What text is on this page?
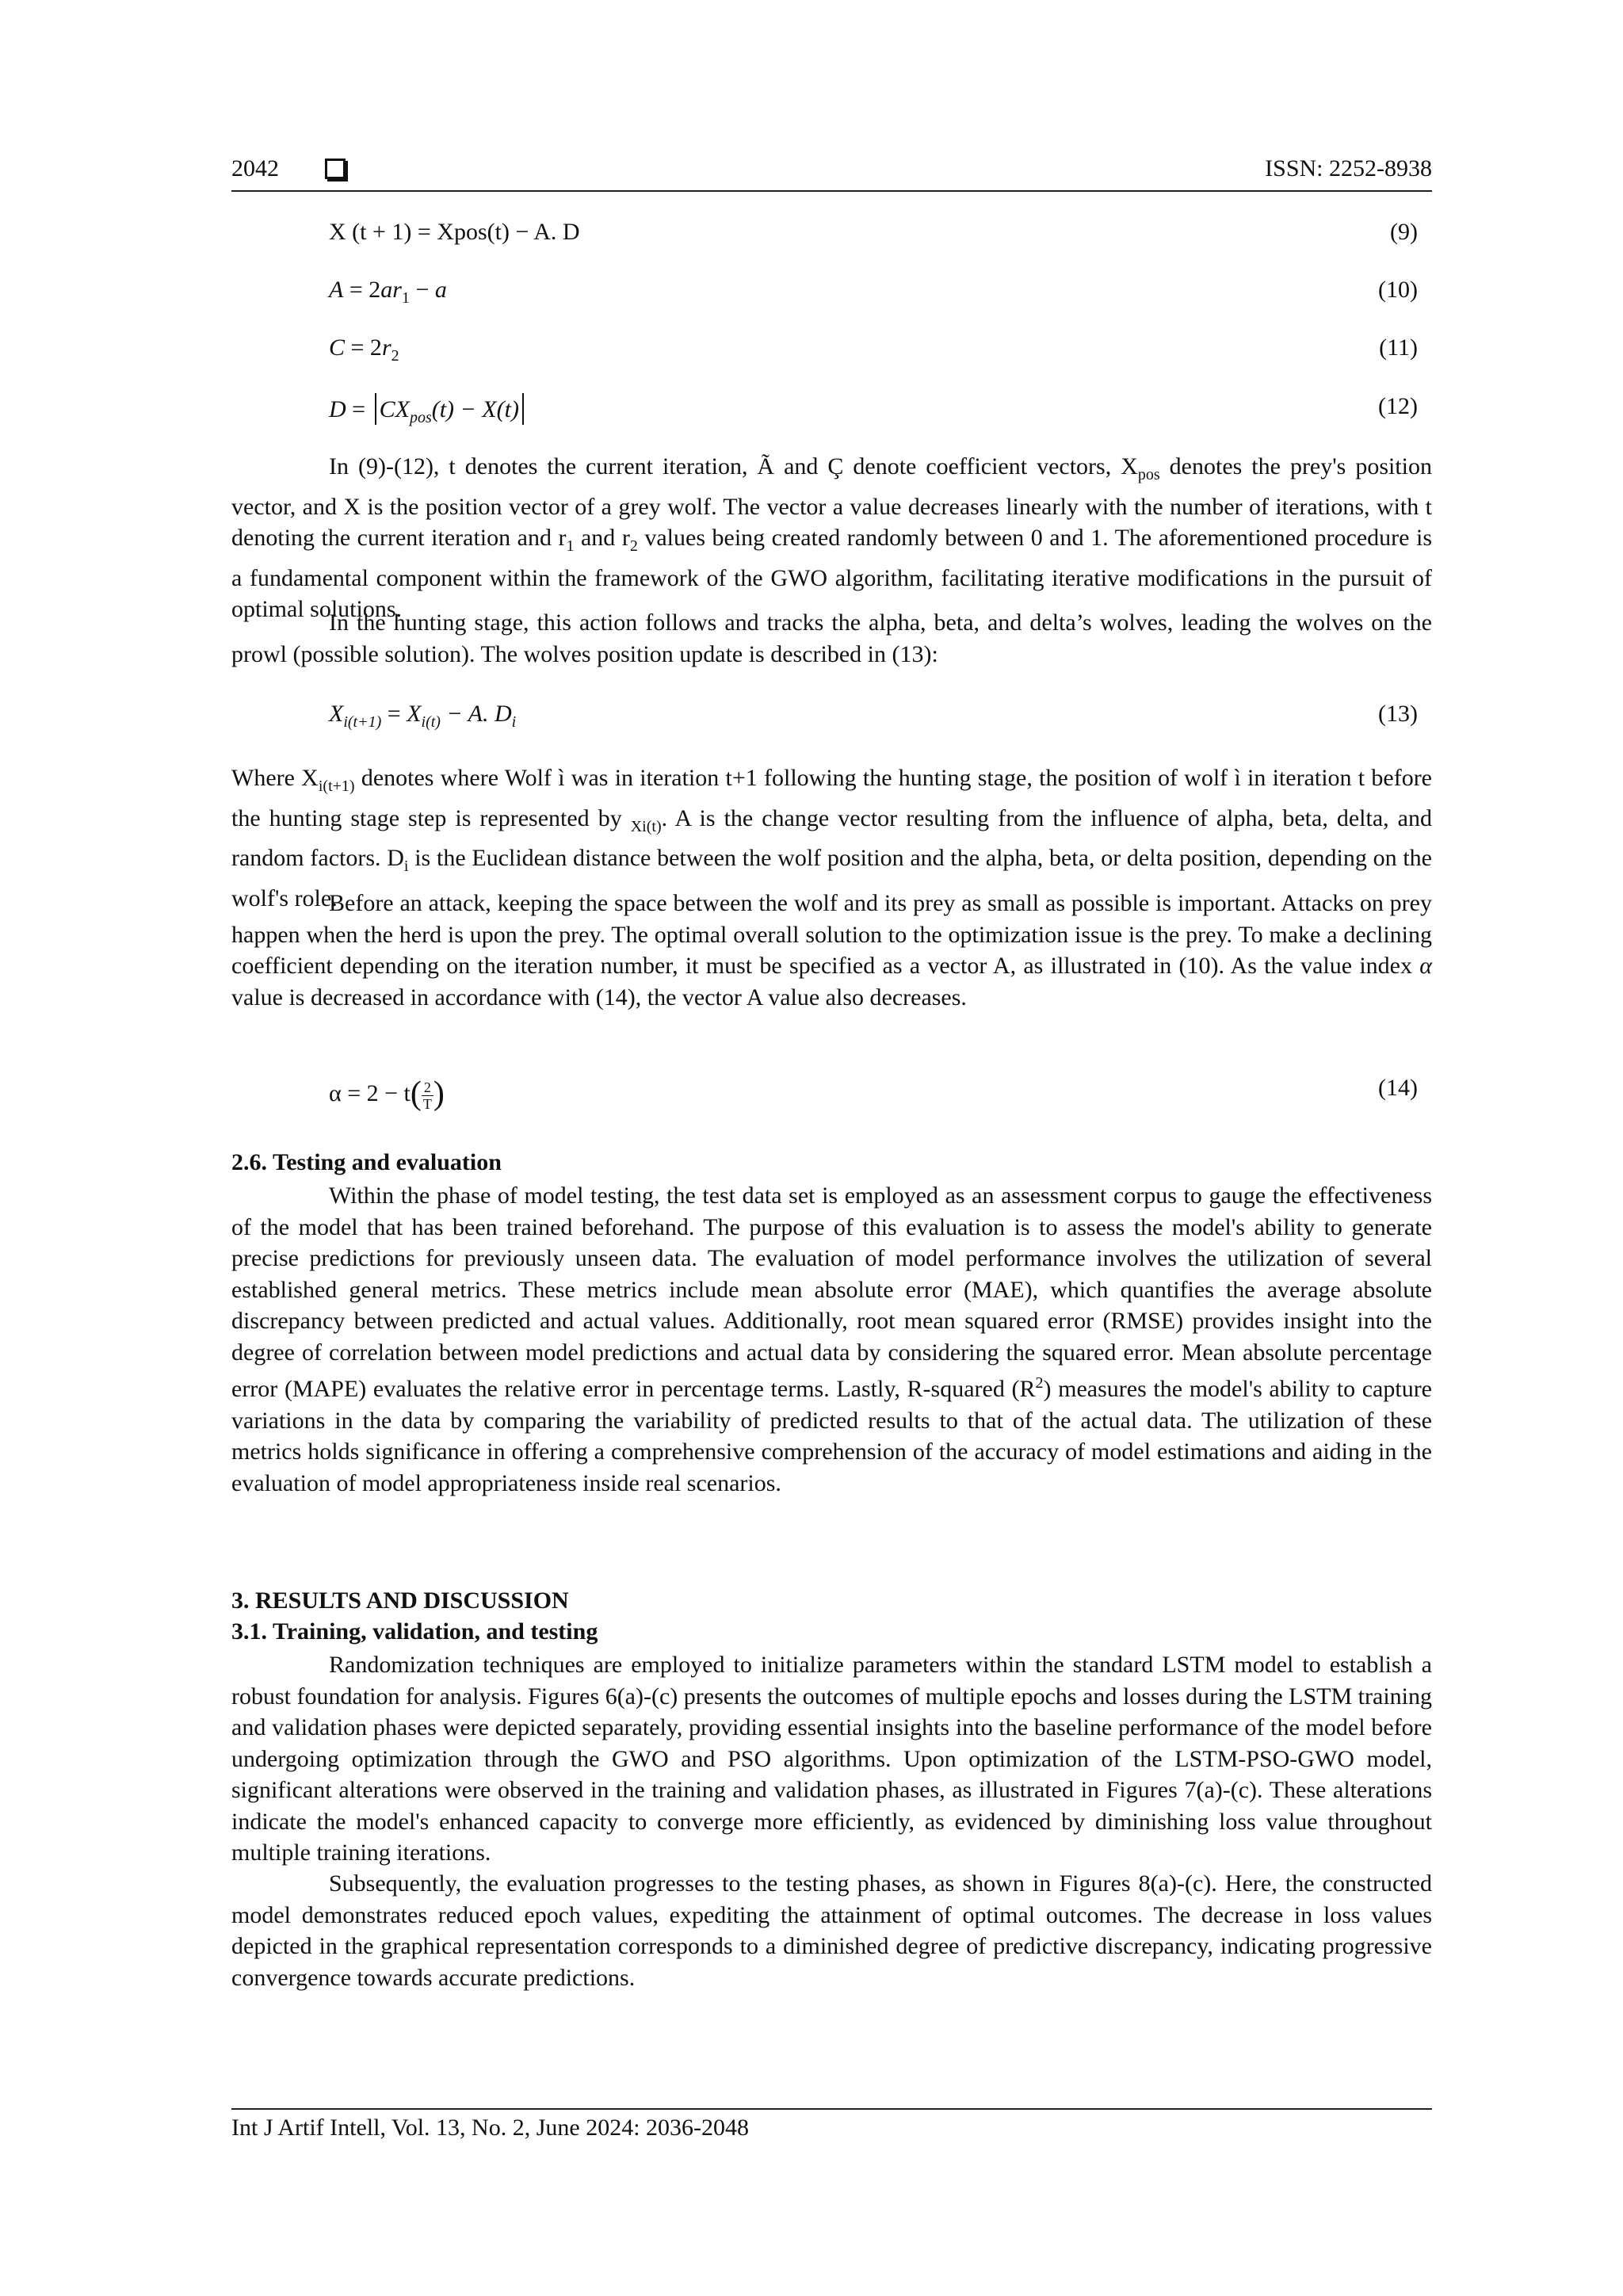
2042	ISSN: 2252-8938
X (t + 1) = Xpos(t) − A. D	(9)
$A = 2ar_1 - a$	(10)
$C = 2r_2$	(11)
$D = CX_{pos}(t) - X(t)$	(12)

In (9)-(12), t denotes the current iteration, Ã and Ç denote coefficient vectors, $X_{pos}$ denotes the prey's position vector, and X is the position vector of a grey wolf. The vector a value decreases linearly with the number of iterations, with t denoting the current iteration and $r_1$ and $r_2$ values being created randomly between 0 and 1. The aforementioned procedure is a fundamental component within the framework of the GWO algorithm, facilitating iterative modifications in the pursuit of optimal solutions.

In the hunting stage, this action follows and tracks the alpha, beta, and delta’s wolves, leading the wolves on the prowl (possible solution). The wolves position update is described in (13):

$X_{i(t+1)} = X_{i(t)} - A$. $D_i$	(13)

Where $X_{i(t+1)}$ denotes where Wolf ì was in iteration t+1 following the hunting stage, the position of wolf ì in iteration t before the hunting stage step is represented by $_{Xi(t)}$. A is the change vector resulting from the influence of alpha, beta, delta, and random factors. $D_i$ is the Euclidean distance between the wolf position and the alpha, beta, or delta position, depending on the wolf's role.

Before an attack, keeping the space between the wolf and its prey as small as possible is important. Attacks on prey happen when the herd is upon the prey. The optimal overall solution to the optimization issue is the prey. To make a declining coefficient depending on the iteration number, it must be specified as a vector A, as illustrated in (10). As the value index α value is decreased in accordance with (14), the vector A value also decreases.

$\alpha = 2 - t( \frac{2}{T}$ )	(14)
2.6. Testing and evaluation

Within the phase of model testing, the test data set is employed as an assessment corpus to gauge the effectiveness of the model that has been trained beforehand. The purpose of this evaluation is to assess the model's ability to generate precise predictions for previously unseen data. The evaluation of model performance involves the utilization of several established general metrics. These metrics include mean absolute error (MAE), which quantifies the average absolute discrepancy between predicted and actual values. Additionally, root mean squared error (RMSE) provides insight into the degree of correlation between model predictions and actual data by considering the squared error. Mean absolute percentage error (MAPE) evaluates the relative error in percentage terms. Lastly, R-squared $(R^2)$ measures the model's ability to capture variations in the data by comparing the variability of predicted results to that of the actual data. The utilization of these metrics holds significance in offering a comprehensive comprehension of the accuracy of model estimations and aiding in the evaluation of model appropriateness inside real scenarios.

3. RESULTS AND DISCUSSION
3.1. Training, validation, and testing

Randomization techniques are employed to initialize parameters within the standard LSTM model to establish a robust foundation for analysis. Figures 6(a)-(c) presents the outcomes of multiple epochs and losses during the LSTM training and validation phases were depicted separately, providing essential insights into the baseline performance of the model before undergoing optimization through the GWO and PSO algorithms. Upon optimization of the LSTM-PSO-GWO model, significant alterations were observed in the training and validation phases, as illustrated in Figures 7(a)-(c). These alterations indicate the model's enhanced capacity to converge more efficiently, as evidenced by diminishing loss value throughout multiple training iterations.

Subsequently, the evaluation progresses to the testing phases, as shown in Figures 8(a)-(c). Here, the constructed model demonstrates reduced epoch values, expediting the attainment of optimal outcomes. The decrease in loss values depicted in the graphical representation corresponds to a diminished degree of predictive discrepancy, indicating progressive convergence towards accurate predictions.

Int J Artif Intell, Vol. 13, No. 2, June 2024: 2036-2048
